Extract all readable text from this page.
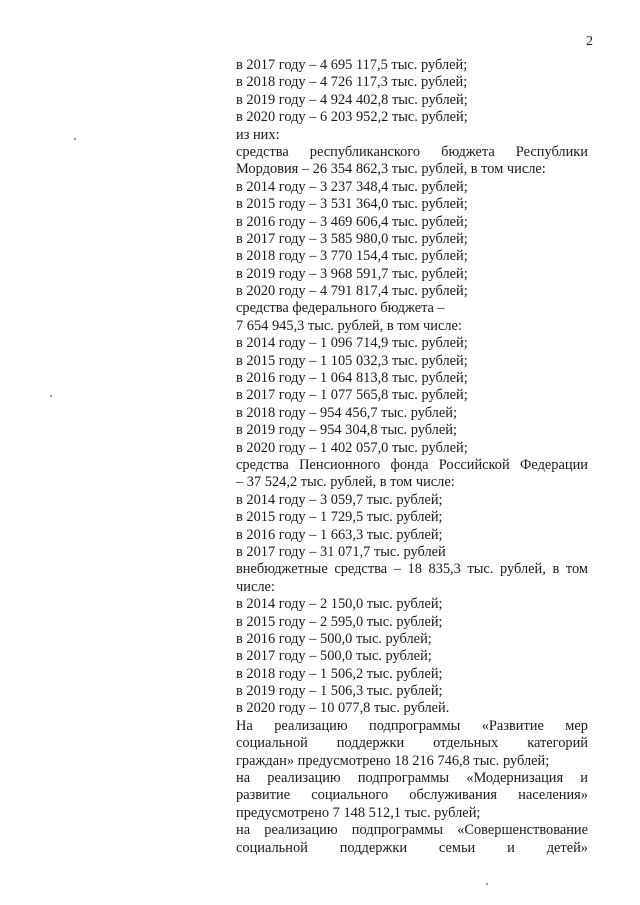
2
в 2017 году – 4 695 117,5 тыс. рублей;
в 2018 году – 4 726 117,3 тыс. рублей;
в 2019 году – 4 924 402,8 тыс. рублей;
в 2020 году – 6 203 952,2 тыс. рублей;
из них:
средства республиканского бюджета Республики
Мордовия – 26 354 862,3 тыс. рублей, в том числе:
в 2014 году – 3 237 348,4 тыс. рублей;
в 2015 году – 3 531 364,0 тыс. рублей;
в 2016 году – 3 469 606,4 тыс. рублей;
в 2017 году – 3 585 980,0 тыс. рублей;
в 2018 году – 3 770 154,4 тыс. рублей;
в 2019 году – 3 968 591,7 тыс. рублей;
в 2020 году – 4 791 817,4 тыс. рублей;
средства федерального бюджета –
7 654 945,3 тыс. рублей, в том числе:
в 2014 году – 1 096 714,9 тыс. рублей;
в 2015 году – 1 105 032,3 тыс. рублей;
в 2016 году – 1 064 813,8 тыс. рублей;
в 2017 году – 1 077 565,8 тыс. рублей;
в 2018 году – 954 456,7 тыс. рублей;
в 2019 году – 954 304,8 тыс. рублей;
в 2020 году – 1 402 057,0 тыс. рублей;
средства Пенсионного фонда Российской Федерации
– 37 524,2 тыс. рублей, в том числе:
в 2014 году – 3 059,7 тыс. рублей;
в 2015 году – 1 729,5 тыс. рублей;
в 2016 году – 1 663,3 тыс. рублей;
в 2017 году – 31 071,7 тыс. рублей
внебюджетные средства – 18 835,3 тыс. рублей, в том
числе:
в 2014 году – 2 150,0 тыс. рублей;
в 2015 году – 2 595,0 тыс. рублей;
в 2016 году – 500,0 тыс. рублей;
в 2017 году – 500,0 тыс. рублей;
в 2018 году – 1 506,2 тыс. рублей;
в 2019 году – 1 506,3 тыс. рублей;
в 2020 году – 10 077,8 тыс. рублей.
На реализацию подпрограммы «Развитие мер
социальной поддержки отдельных категорий
граждан» предусмотрено 18 216 746,8 тыс. рублей;
на реализацию подпрограммы «Модернизация и
развитие социального обслуживания населения»
предусмотрено 7 148 512,1 тыс. рублей;
на реализацию подпрограммы «Совершенствование
социальной поддержки семьи и детей»
